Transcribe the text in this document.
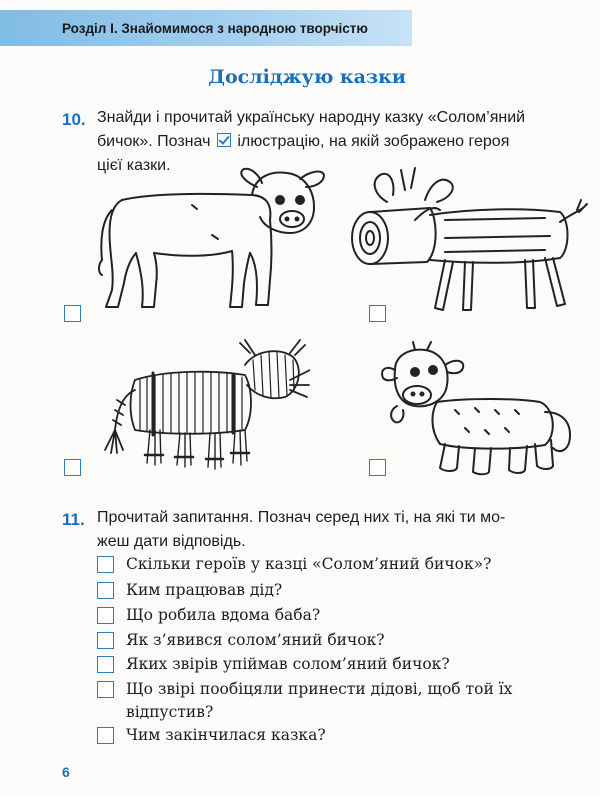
Розділ І. Знайомимося з народною творчістю
Досліджую казки
10. Знайди і прочитай українську народну казку «Солом’яний
бичок». Познач ілюстрацію, на якій зображено героя
цієї казки.
11. Прочитай запитання. Познач серед них ті, на які ти мо-
жеш дати відповідь.
Скільки героїв у казці «Солом’яний бичок»?
Ким працював дід?
Що робила вдома баба?
Як з’явився солом’яний бичок?
Яких звірів упіймав солом’яний бичок?
Що звірі пообіцяли принести дідові, щоб той їх
відпустив?
Чим закінчилася казка?
6
